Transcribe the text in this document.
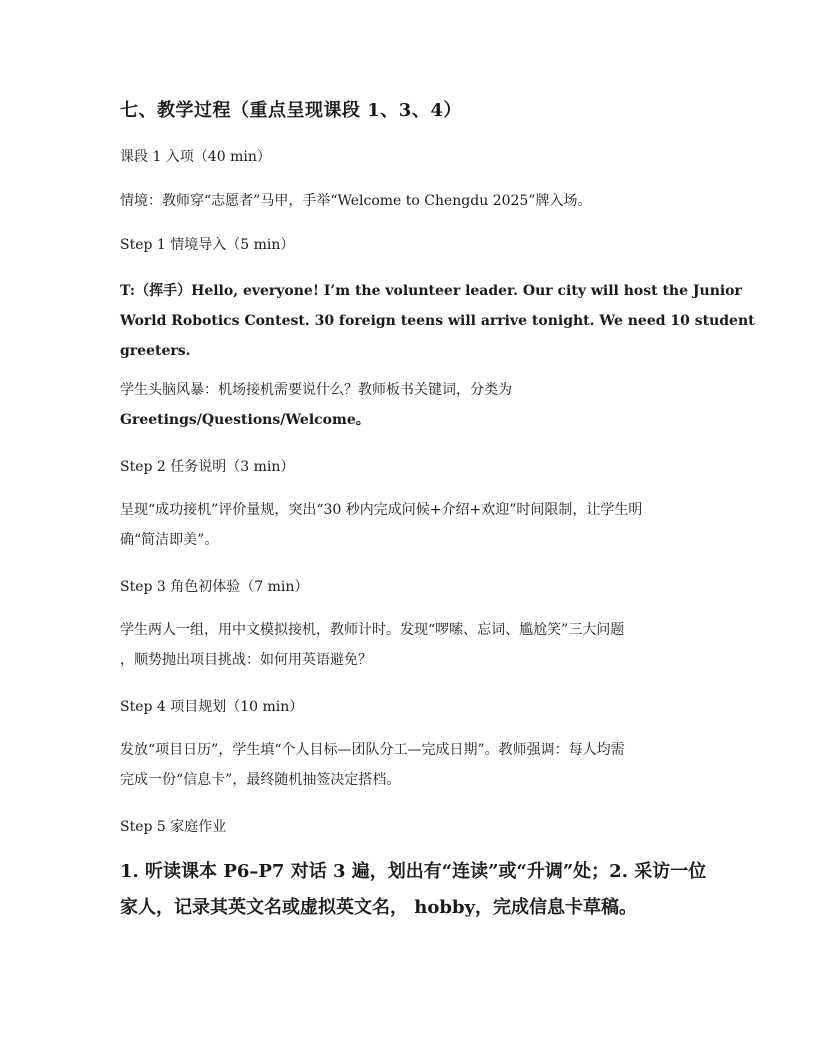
七、教学过程（重点呈现课段 1、3、4）
课段 1 入项（40 min）
情境：教师穿“志愿者”马甲，手举“Welcome to Chengdu 2025”牌入场。
Step 1 情境导入（5 min）
T:（挥手）Hello, everyone! I’m the volunteer leader. Our city will host the Junior
World Robotics Contest. 30 foreign teens will arrive tonight. We need 10 student
greeters.
学生头脑风暴：机场接机需要说什么？教师板书关键词，分类为
Greetings/Questions/Welcome。
Step 2 任务说明（3 min）
呈现“成功接机”评价量规，突出“30 秒内完成问候+介绍+欢迎”时间限制，让学生明
确“简洁即美”。
Step 3 角色初体验（7 min）
学生两人一组，用中文模拟接机，教师计时。发现“啰嗦、忘词、尴尬笑”三大问题
，顺势抛出项目挑战：如何用英语避免？
Step 4 项目规划（10 min）
发放“项目日历”，学生填“个人目标—团队分工—完成日期”。教师强调：每人均需
完成一份“信息卡”，最终随机抽签决定搭档。
Step 5 家庭作业
1. 听读课本 P6–P7 对话 3 遍，划出有“连读”或“升调”处；2. 采访一位
家人，记录其英文名或虚拟英文名， hobby，完成信息卡草稿。
